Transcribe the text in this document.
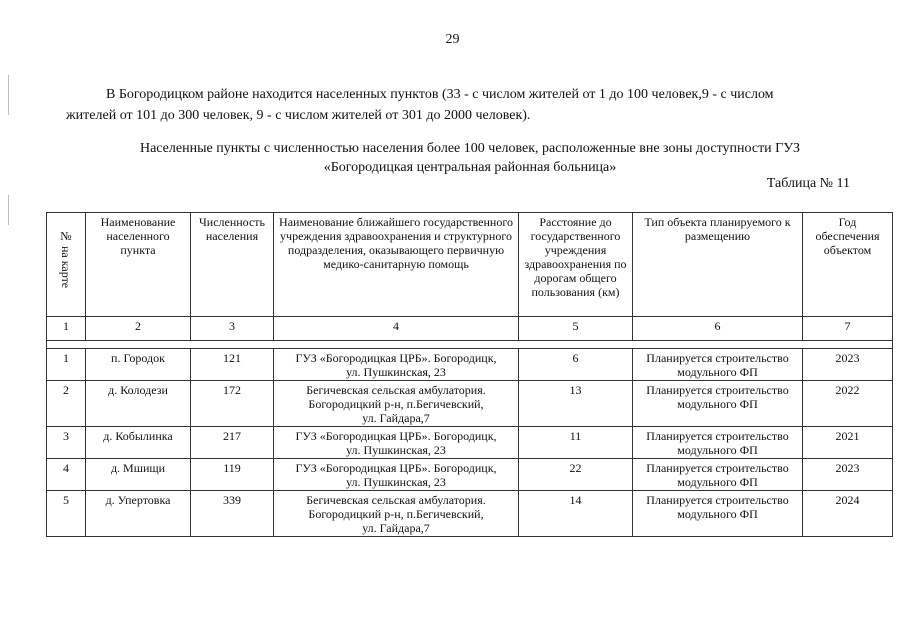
29

В Богородицком районе находится населенных пунктов (33 - с числом жителей от 1 до 100 человек,9 - с числом
жителей от 101 до 300 человек, 9 - с числом жителей от 301 до 2000 человек).

Населенные пункты с численностью населения более 100 человек, расположенные вне зоны доступности ГУЗ
«Богородицкая центральная районная больница»
Таблица № 11
№ на карте	Наименование населенного пункта	Численность населения	Наименование ближайшего государственного учреждения здравоохранения и структурного подразделения, оказывающего первичную медико-санитарную помощь	Расстояние до государственного учреждения здравоохранения по дорогам общего пользования (км)	Тип объекта планируемого к размещению	Год обеспечения объектом
1	2	3	4	5	6	7

1	п. Городок	121	ГУЗ «Богородицкая ЦРБ». Богородицк,
ул. Пушкинская, 23	6	Планируется строительство
модульного ФП	2023
2	д. Колодези	172	Бегичевская сельская амбулатория.
Богородицкий р-н, п.Бегичевский,
ул. Гайдара,7	13	Планируется строительство
модульного ФП	2022
3	д. Кобылинка	217	ГУЗ «Богородицкая ЦРБ». Богородицк,
ул. Пушкинская, 23	11	Планируется строительство
модульного ФП	2021
4	д. Мшищи	119	ГУЗ «Богородицкая ЦРБ». Богородицк,
ул. Пушкинская, 23	22	Планируется строительство
модульного ФП	2023
5	д. Упертовка	339	Бегичевская сельская амбулатория.
Богородицкий р-н, п.Бегичевский,
ул. Гайдара,7	14	Планируется строительство
модульного ФП	2024
